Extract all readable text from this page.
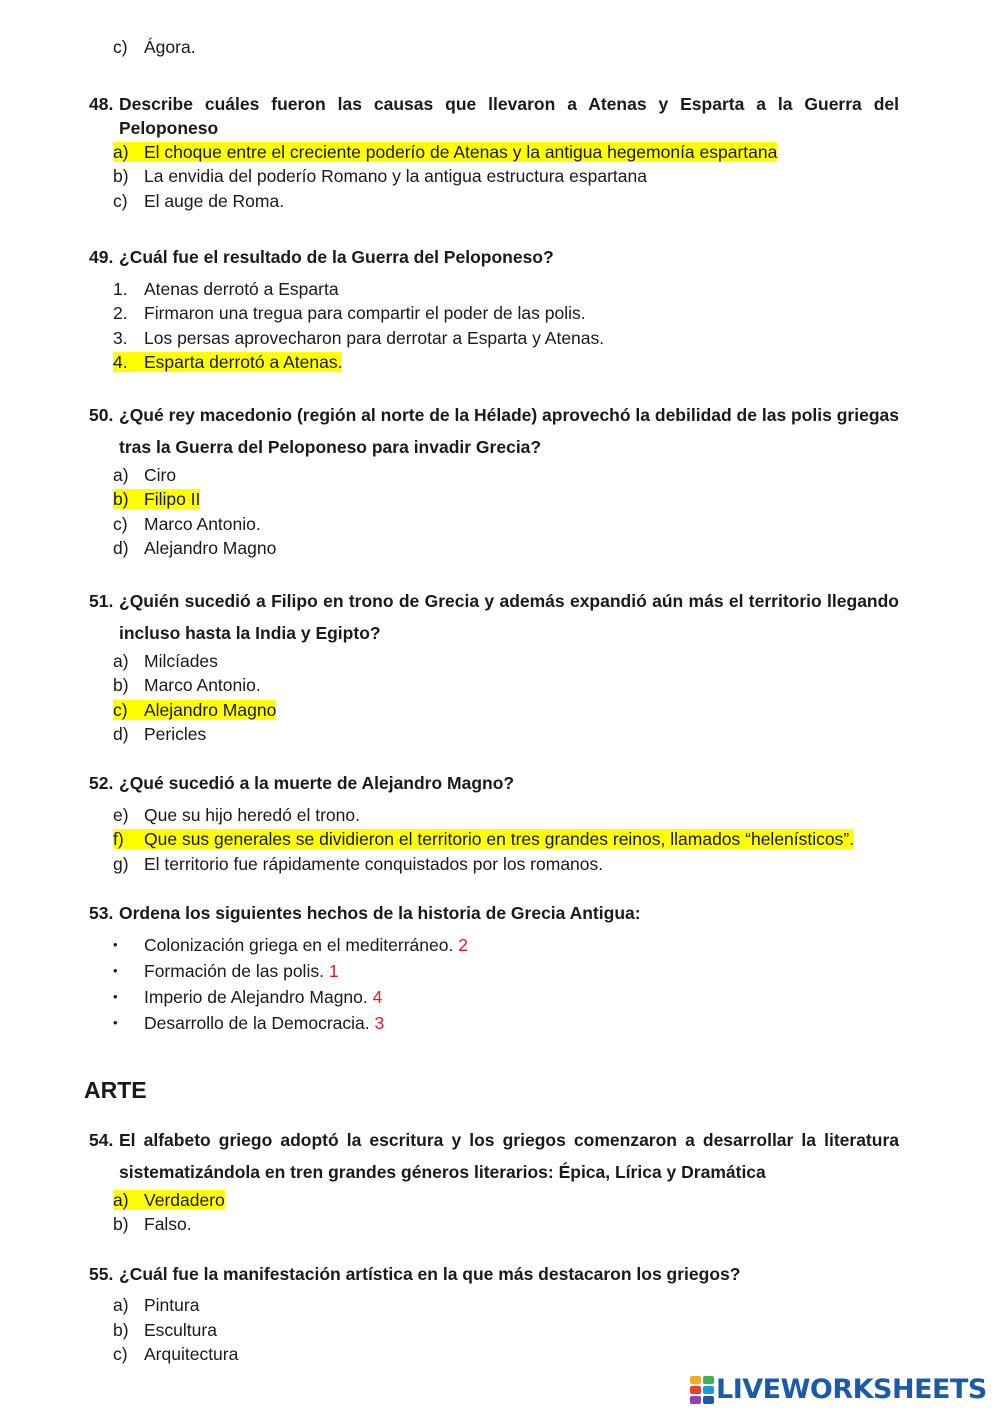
c) Ágora.
48. Describe cuáles fueron las causas que llevaron a Atenas y Esparta a la Guerra del Peloponeso
a) El choque entre el creciente poderío de Atenas y la antigua hegemonía espartana
b) La envidia del poderío Romano y la antigua estructura espartana
c) El auge de Roma.
49. ¿Cuál fue el resultado de la Guerra del Peloponeso?
1. Atenas derrotó a Esparta
2. Firmaron una tregua para compartir el poder de las polis.
3. Los persas aprovecharon para derrotar a Esparta y Atenas.
4. Esparta derrotó a Atenas.
50. ¿Qué rey macedonio (región al norte de la Hélade) aprovechó la debilidad de las polis griegas tras la Guerra del Peloponeso para invadir Grecia?
a) Ciro
b) Filipo II
c) Marco Antonio.
d) Alejandro Magno
51. ¿Quién sucedió a Filipo en trono de Grecia y además expandió aún más el territorio llegando incluso hasta la India y Egipto?
a) Milcíades
b) Marco Antonio.
c) Alejandro Magno
d) Pericles
52. ¿Qué sucedió a la muerte de Alejandro Magno?
e) Que su hijo heredó el trono.
f) Que sus generales se dividieron el territorio en tres grandes reinos, llamados “helenísticos”.
g) El territorio fue rápidamente conquistados por los romanos.
53. Ordena los siguientes hechos de la historia de Grecia Antigua:
• Colonización griega en el mediterráneo. 2
• Formación de las polis. 1
• Imperio de Alejandro Magno. 4
• Desarrollo de la Democracia. 3
ARTE
54. El alfabeto griego adoptó la escritura y los griegos comenzaron a desarrollar la literatura sistematizándola en tren grandes géneros literarios: Épica, Lírica y Dramática
a) Verdadero
b) Falso.
55. ¿Cuál fue la manifestación artística en la que más destacaron los griegos?
a) Pintura
b) Escultura
c) Arquitectura
LIVEWORKSHEETS
